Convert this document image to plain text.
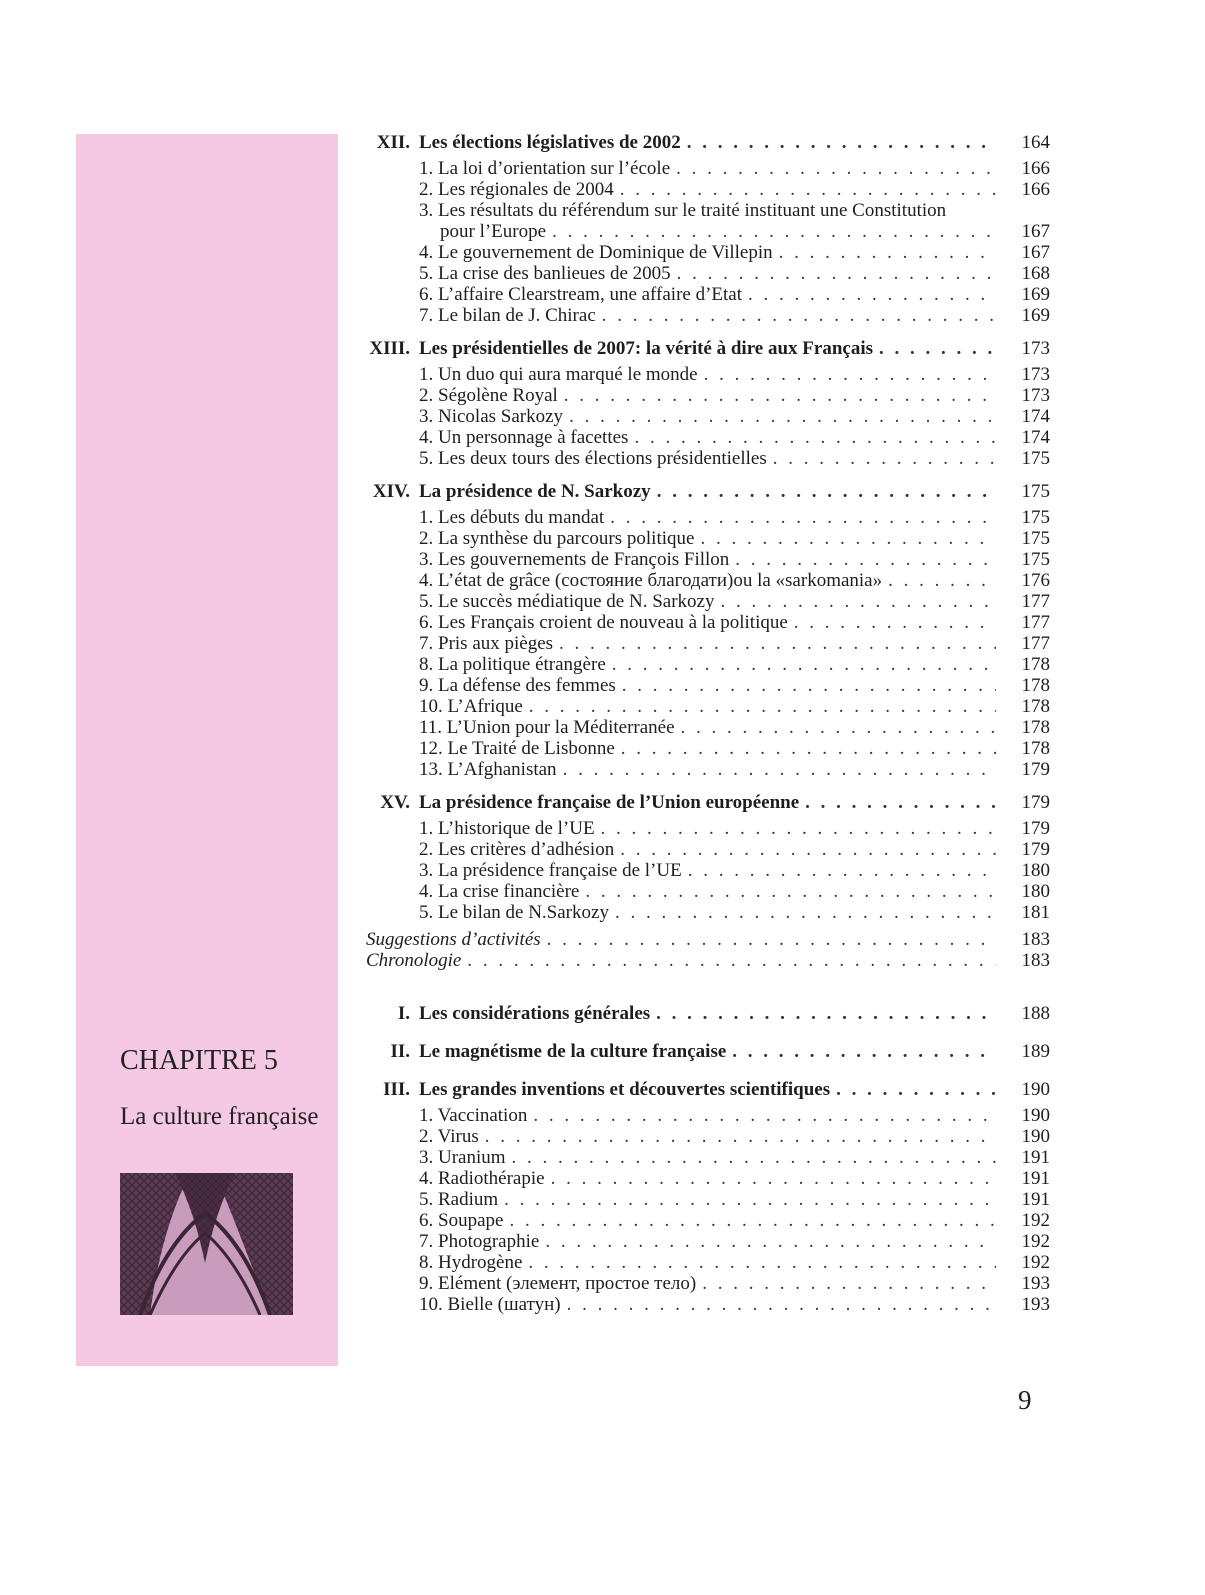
CHAPITRE 5
La culture française
XII. Les élections législatives de 2002 . . .	164
1. La loi d’orientation sur l’école . . .	166
2. Les régionales de 2004 . . .	166
3. Les résultats du référendum sur le traité instituant une Constitution
pour l’Europe . . .	167
4. Le gouvernement de Dominique de Villepin . . .	167
5. La crise des banlieues de 2005 . . .	168
6. L’affaire Clearstream, une affaire d’Etat . . .	169
7. Le bilan de J. Chirac . . .	169
XIII. Les présidentielles de 2007: la vérité à dire aux Français . . .	173
1. Un duo qui aura marqué le monde . . .	173
2. Ségolène Royal . . .	173
3. Nicolas Sarkozy . . .	174
4. Un personnage à facettes . . .	174
5. Les deux tours des élections présidentielles . . .	175
XIV. La présidence de N. Sarkozy . . .	175
1. Les débuts du mandat . . .	175
2. La synthèse du parcours politique . . .	175
3. Les gouvernements de François Fillon . . .	175
4. L’état de grâce (состояние благодати)ou la «sarkomania» . . .	176
5. Le succès médiatique de N. Sarkozy . . .	177
6. Les Français croient de nouveau à la politique . . .	177
7. Pris aux pièges . . .	177
8. La politique étrangère . . .	178
9. La défense des femmes . . .	178
10. L’Afrique . . .	178
11. L’Union pour la Méditerranée . . .	178
12. Le Traité de Lisbonne . . .	178
13. L’Afghanistan . . .	179
XV. La présidence française de l’Union européenne . . .	179
1. L’historique de l’UE . . .	179
2. Les critères d’adhésion . . .	179
3. La présidence française de l’UE . . .	180
4. La crise financière . . .	180
5. Le bilan de N.Sarkozy . . .	181
Suggestions d’activités . . .	183
Chronologie . . .	183
I. Les considérations générales . . .	188
II. Le magnétisme de la culture française . . .	189
III. Les grandes inventions et découvertes scientifiques . . .	190
1. Vaccination . . .	190
2. Virus . . .	190
3. Uranium . . .	191
4. Radiothérapie . . .	191
5. Radium . . .	191
6. Soupape . . .	192
7. Photographie . . .	192
8. Hydrogène . . .	192
9. Elément (элемент, простое тело) . . .	193
10. Bielle (шатун) . . .	193
9
